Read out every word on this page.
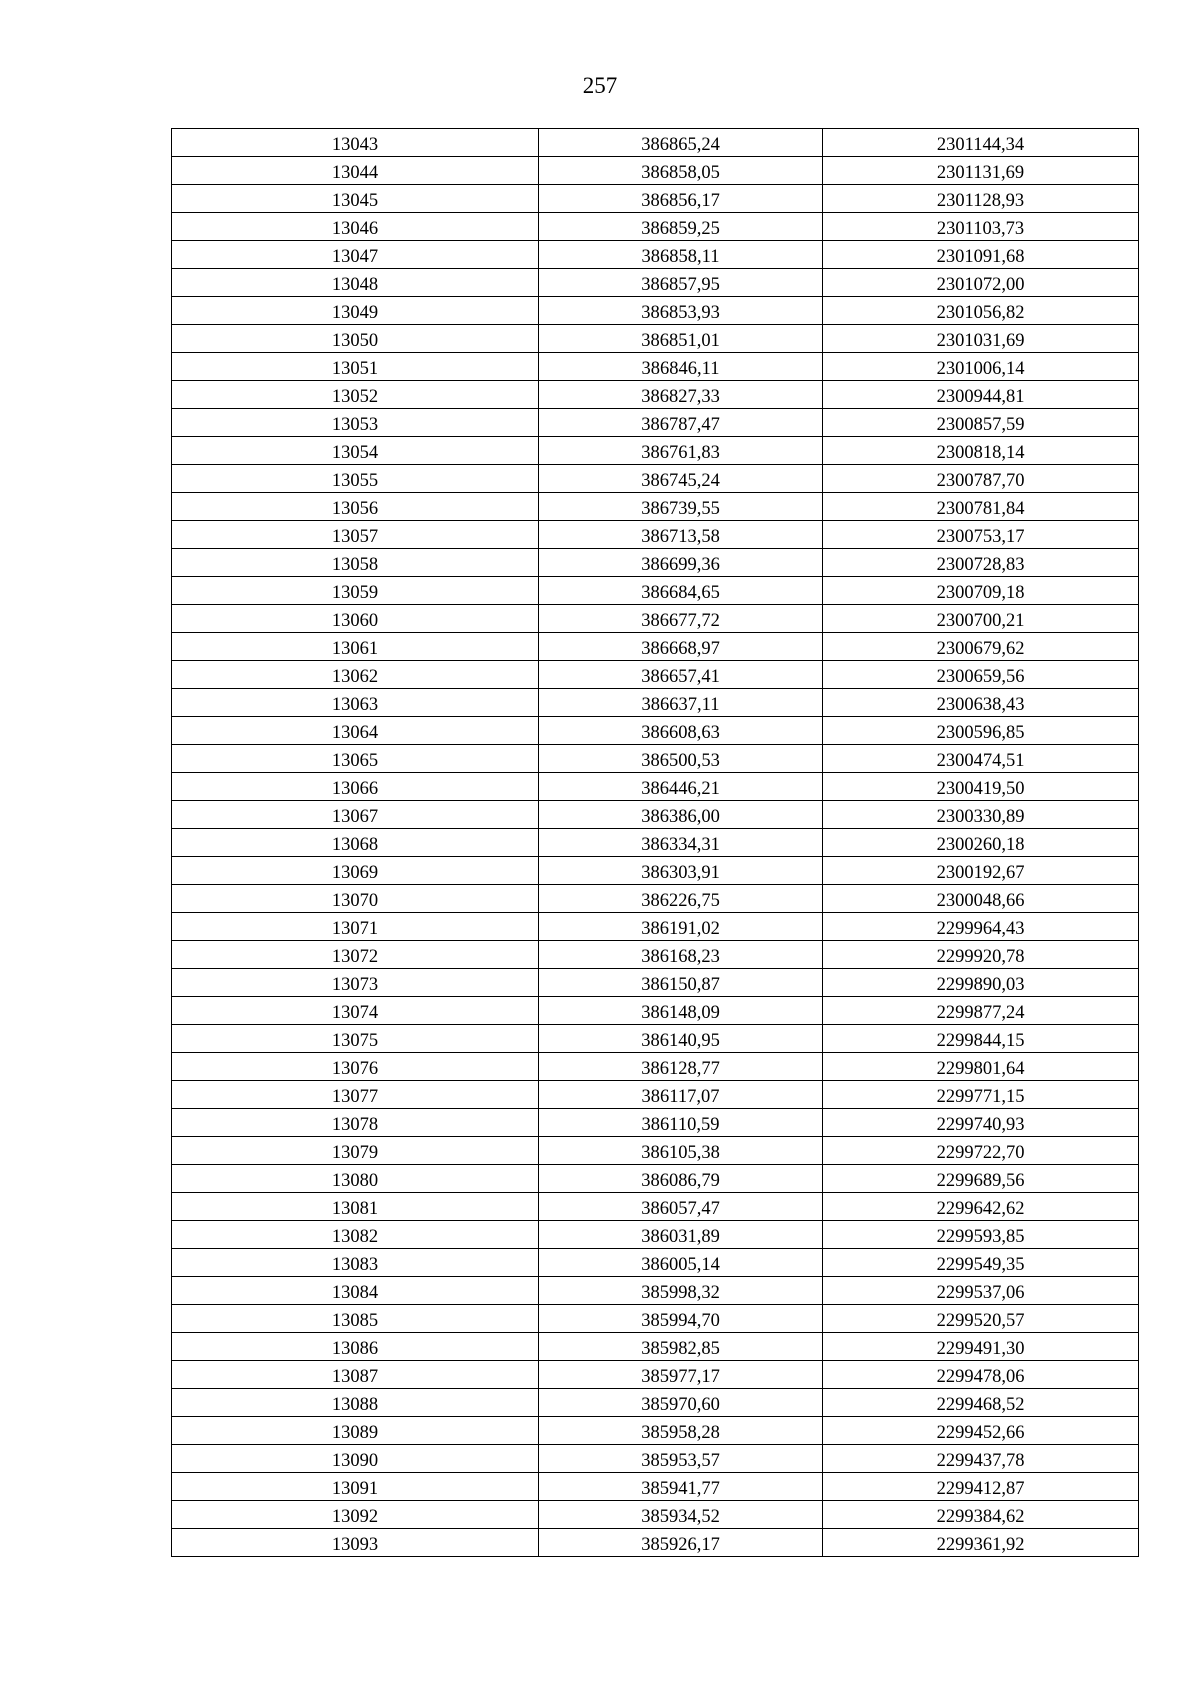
257
13043	386865,24	2301144,34
13044	386858,05	2301131,69
13045	386856,17	2301128,93
13046	386859,25	2301103,73
13047	386858,11	2301091,68
13048	386857,95	2301072,00
13049	386853,93	2301056,82
13050	386851,01	2301031,69
13051	386846,11	2301006,14
13052	386827,33	2300944,81
13053	386787,47	2300857,59
13054	386761,83	2300818,14
13055	386745,24	2300787,70
13056	386739,55	2300781,84
13057	386713,58	2300753,17
13058	386699,36	2300728,83
13059	386684,65	2300709,18
13060	386677,72	2300700,21
13061	386668,97	2300679,62
13062	386657,41	2300659,56
13063	386637,11	2300638,43
13064	386608,63	2300596,85
13065	386500,53	2300474,51
13066	386446,21	2300419,50
13067	386386,00	2300330,89
13068	386334,31	2300260,18
13069	386303,91	2300192,67
13070	386226,75	2300048,66
13071	386191,02	2299964,43
13072	386168,23	2299920,78
13073	386150,87	2299890,03
13074	386148,09	2299877,24
13075	386140,95	2299844,15
13076	386128,77	2299801,64
13077	386117,07	2299771,15
13078	386110,59	2299740,93
13079	386105,38	2299722,70
13080	386086,79	2299689,56
13081	386057,47	2299642,62
13082	386031,89	2299593,85
13083	386005,14	2299549,35
13084	385998,32	2299537,06
13085	385994,70	2299520,57
13086	385982,85	2299491,30
13087	385977,17	2299478,06
13088	385970,60	2299468,52
13089	385958,28	2299452,66
13090	385953,57	2299437,78
13091	385941,77	2299412,87
13092	385934,52	2299384,62
13093	385926,17	2299361,92
